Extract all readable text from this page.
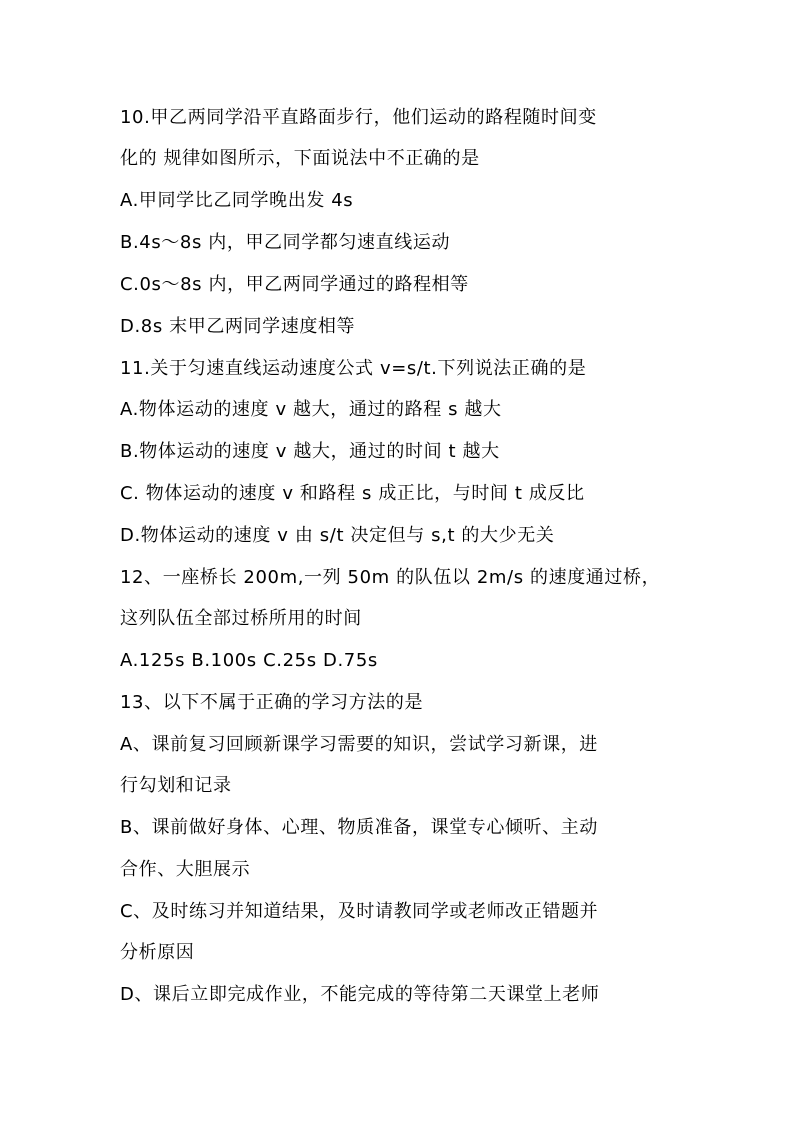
10.甲乙两同学沿平直路面步行，他们运动的路程随时间变
化的 规律如图所示，下面说法中不正确的是
A.甲同学比乙同学晚出发 4s
B.4s～8s 内，甲乙同学都匀速直线运动
C.0s～8s 内，甲乙两同学通过的路程相等
D.8s 末甲乙两同学速度相等
11.关于匀速直线运动速度公式 v=s/t.下列说法正确的是
A.物体运动的速度 v 越大，通过的路程 s 越大
B.物体运动的速度 v 越大，通过的时间 t 越大
C. 物体运动的速度 v 和路程 s 成正比，与时间 t 成反比
D.物体运动的速度 v 由 s/t 决定但与 s,t 的大少无关
12、一座桥长 200m,一列 50m 的队伍以 2m/s 的速度通过桥，
这列队伍全部过桥所用的时间
A.125s B.100s C.25s D.75s
13、以下不属于正确的学习方法的是
A、课前复习回顾新课学习需要的知识，尝试学习新课，进
行勾划和记录
B、课前做好身体、心理、物质准备，课堂专心倾听、主动
合作、大胆展示
C、及时练习并知道结果，及时请教同学或老师改正错题并
分析原因
D、课后立即完成作业，不能完成的等待第二天课堂上老师
